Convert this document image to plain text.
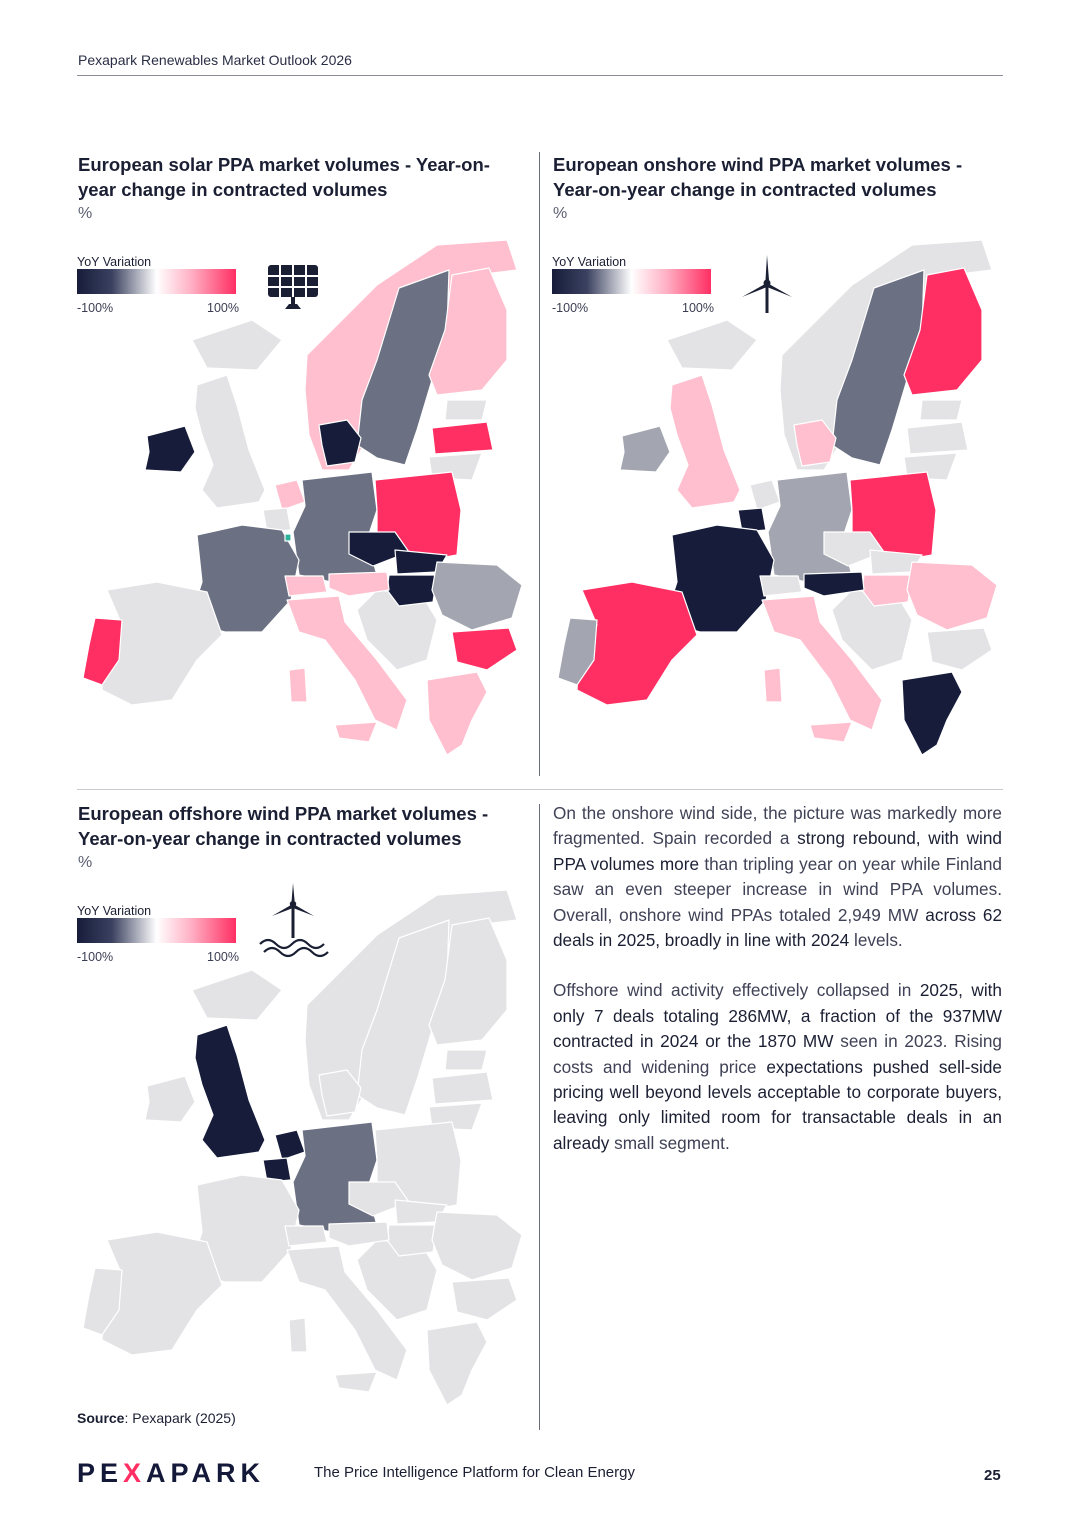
Pexapark Renewables Market Outlook 2026
European solar PPA market volumes - Year-on-year change in contracted volumes
%
YoY Variation
-100%	100%
European onshore wind PPA market volumes - Year-on-year change in contracted volumes
%
YoY Variation
-100%	100%
European offshore wind PPA market volumes - Year-on-year change in contracted volumes
%
YoY Variation
-100%	100%

On the onshore wind side, the picture was markedly more fragmented. Spain recorded a strong rebound, with wind PPA volumes more than tripling year on year while Finland saw an even steeper increase in wind PPA volumes. Overall, onshore wind PPAs totaled 2,949 MW across 62 deals in 2025, broadly in line with 2024 levels.

Offshore wind activity effectively collapsed in 2025, with only 7 deals totaling 286MW, a fraction of the 937MW contracted in 2024 or the 1870 MW seen in 2023. Rising costs and widening price expectations pushed sell-side pricing well beyond levels acceptable to corporate buyers, leaving only limited room for transactable deals in an already small segment.

Source: Pexapark (2025)
PEXAPARK	The Price Intelligence Platform for Clean Energy	25
